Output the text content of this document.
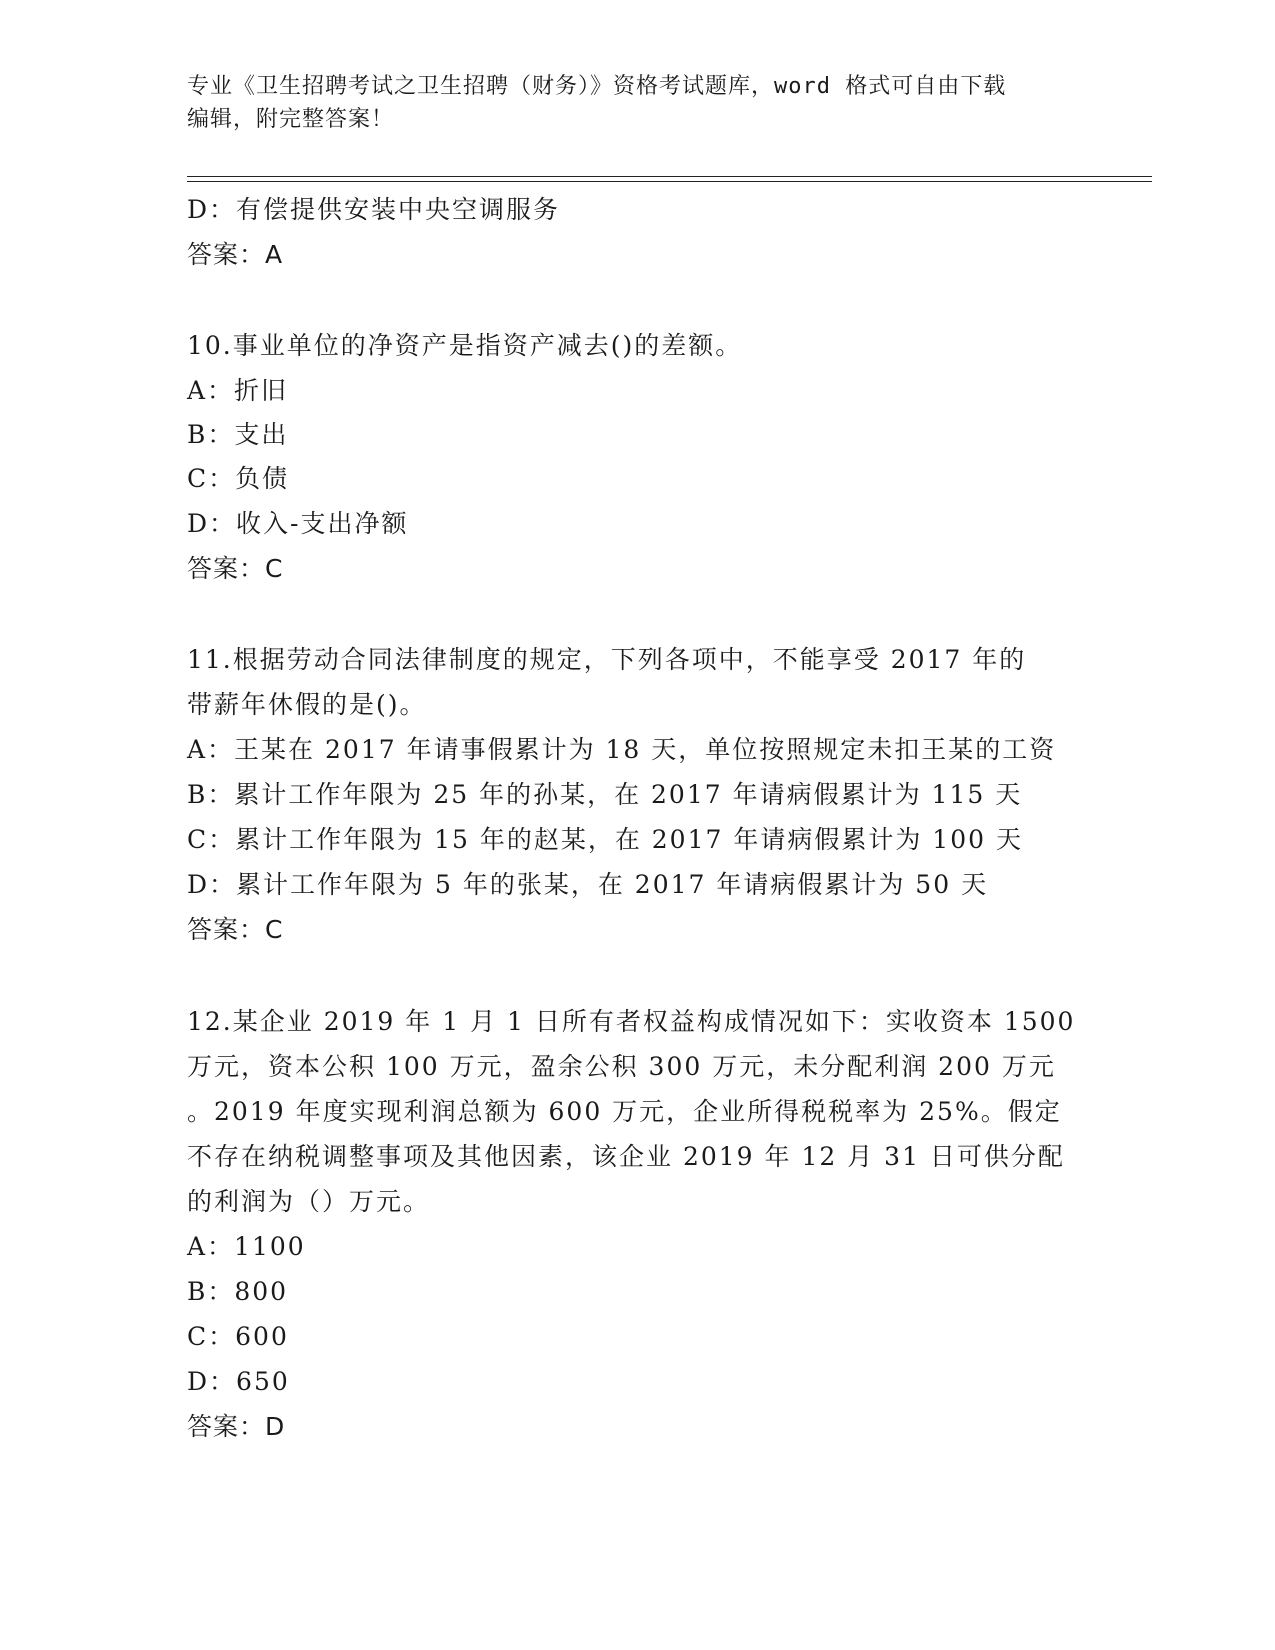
专业《卫生招聘考试之卫生招聘（财务）》资格考试题库，word 格式可自由下载
编辑，附完整答案！
D：有偿提供安装中央空调服务
答案：A
10.事业单位的净资产是指资产减去()的差额。
A：折旧
B：支出
C：负债
D：收入-支出净额
答案：C
11.根据劳动合同法律制度的规定，下列各项中，不能享受 2017 年的
带薪年休假的是()。
A：王某在 2017 年请事假累计为 18 天，单位按照规定未扣王某的工资
B：累计工作年限为 25 年的孙某，在 2017 年请病假累计为 115 天
C：累计工作年限为 15 年的赵某，在 2017 年请病假累计为 100 天
D：累计工作年限为 5 年的张某，在 2017 年请病假累计为 50 天
答案：C
12.某企业 2019 年 1 月 1 日所有者权益构成情况如下：实收资本 1500
万元，资本公积 100 万元，盈余公积 300 万元，未分配利润 200 万元
。2019 年度实现利润总额为 600 万元，企业所得税税率为 25%。假定
不存在纳税调整事项及其他因素，该企业 2019 年 12 月 31 日可供分配
的利润为（）万元。
A：1100
B：800
C：600
D：650
答案：D
